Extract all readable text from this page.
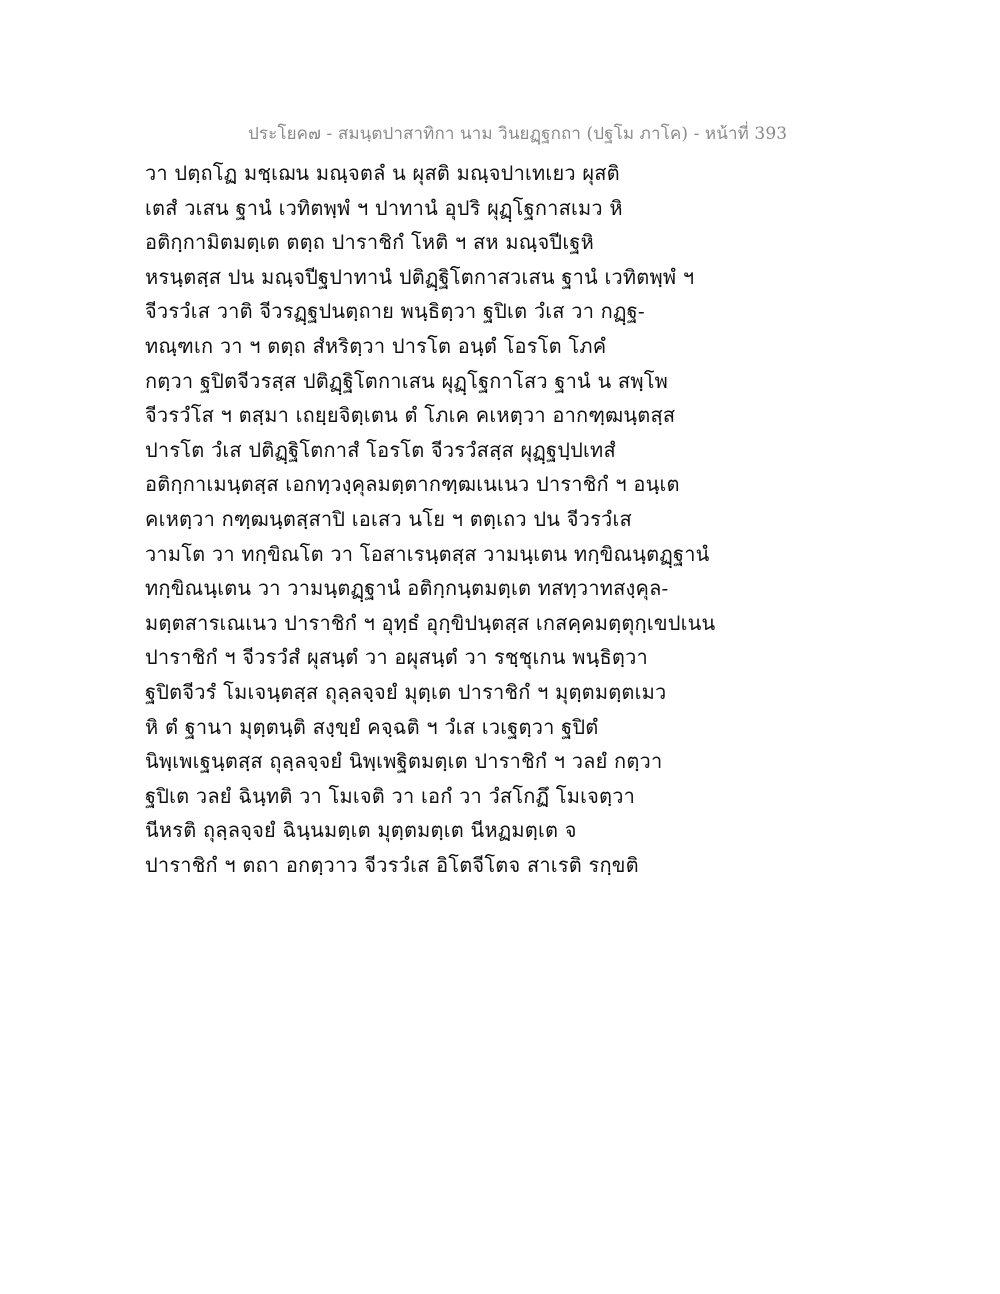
ประโยค๗ - สมนฺตปาสาทิกา นาม วินยฏฺฐกถา (ปฐโม ภาโค) - หน้าที่ 393
วา ปตฺถโฏ มชฺเฌน มณฺจตลํ น ผุสติ มณฺจปาเทเยว ผุสติ
เตสํ วเสน ฐานํ เวทิตพฺพํ ฯ ปาทานํ อุปริ ผุฏฺโฐกาสเมว หิ
อติกฺกามิตมตฺเต ตตฺถ ปาราชิกํ โหติ ฯ สห มณฺจปีเฐหิ
หรนฺตสฺส ปน มณฺจปีฐปาทานํ ปติฏฺฐิโตกาสวเสน ฐานํ เวทิตพฺพํ ฯ
จีวรวํเส วาติ จีวรฏฺฐปนตฺถาย พนฺธิตฺวา ฐปิเต วํเส วา กฏฺฐ-
ทณฺฑเก วา ฯ ตตฺถ สํหริตฺวา ปารโต อนฺตํ โอรโต โภคํ
กตฺวา ฐปิตจีวรสฺส ปติฏฺฐิโตกาเสน ผุฏฺโฐกาโสว ฐานํ น สพฺโพ
จีวรวํโส ฯ ตสฺมา เถยฺยจิตฺเตน ตํ โภเค คเหตฺวา อากฑฺฒนฺตสฺส
ปารโต วํเส ปติฏฺฐิโตกาสํ โอรโต จีวรวํสสฺส ผุฏฺฐปฺปเทสํ
อติกฺกาเมนฺตสฺส เอกทฺวงฺคุลมตฺตากฑฺฒเนเนว ปาราชิกํ ฯ อนฺเต
คเหตฺวา กฑฺฒนฺตสฺสาปิ เอเสว นโย ฯ ตตฺเถว ปน จีวรวํเส
วามโต วา ทกฺขิณโต วา โอสาเรนฺตสฺส วามนฺเตน ทกฺขิณนฺตฏฺฐานํ
ทกฺขิณนฺเตน วา วามนฺตฏฺฐานํ อติกฺกนฺตมตฺเต ทสทฺวาทสงฺคุล-
มตฺตสารเณเนว ปาราชิกํ ฯ อุทฺธํ อุกฺขิปนฺตสฺส เกสคฺคมตฺตุกฺเขปเนน
ปาราชิกํ ฯ จีวรวํสํ ผุสนฺตํ วา อผุสนฺตํ วา รชฺชุเกน พนฺธิตฺวา
ฐปิตจีวรํ โมเจนฺตสฺส ถุลฺลจฺจยํ มุตฺเต ปาราชิกํ ฯ มุตฺตมตฺตเมว
หิ ตํ ฐานา มุตฺตนฺติ สงฺขฺยํ คจฺฉติ ฯ วํเส เวเฐตฺวา ฐปิตํ
นิพฺเพเฐนฺตสฺส ถุลฺลจฺจยํ นิพฺเพฐิตมตฺเต ปาราชิกํ ฯ วลยํ กตฺวา
ฐปิเต วลยํ ฉินฺทติ วา โมเจติ วา เอกํ วา วํสโกฏึ โมเจตฺวา
นีหรติ ถุลฺลจฺจยํ ฉินฺนมตฺเต มุตฺตมตฺเต นีหฏมตฺเต จ
ปาราชิกํ ฯ ตถา อกตฺวาว จีวรวํเส อิโตจีโตจ สาเรติ รกฺขติ
